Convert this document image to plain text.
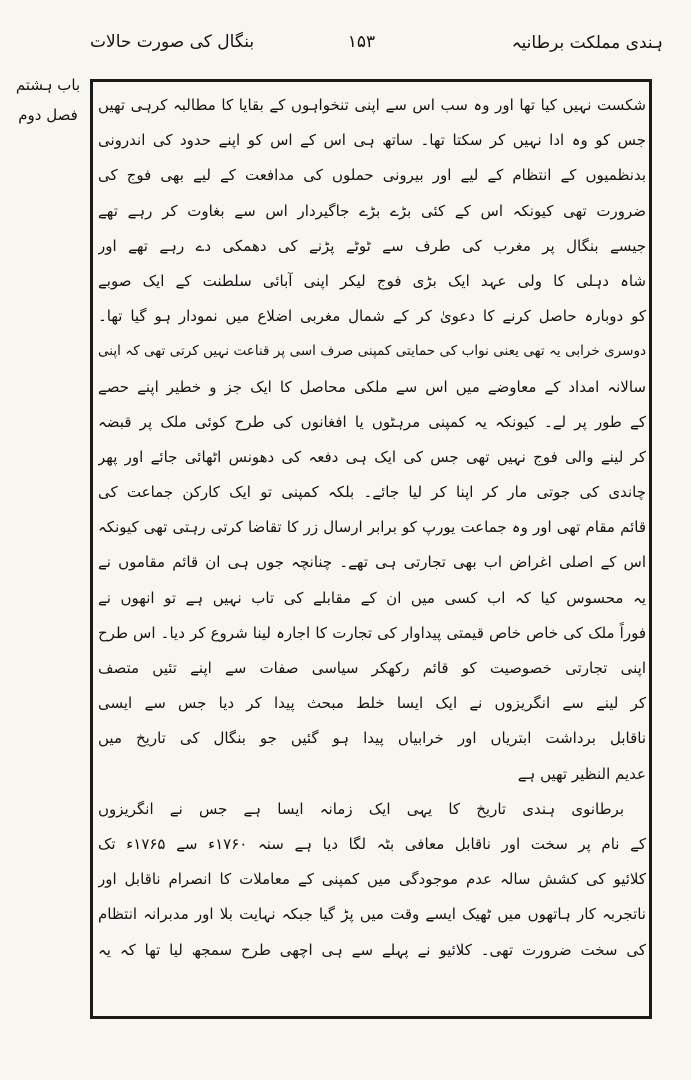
ہندی مملکت برطانیہ
۱۵۳
بنگال کی صورت حالات
باب ہشتم
فصل دوم
شکست نہیں کیا تھا اور وہ سب اس سے اپنی تنخواہوں کے بقایا کا مطالبہ کرہی تھیں
جس کو وہ ادا نہیں کر سکتا تھا۔ ساتھ ہی اس کے اس کو اپنے حدود کی اندرونی
بدنظمیوں کے انتظام کے لیے اور بیرونی حملوں کی مدافعت کے لیے بھی فوج کی
ضرورت تھی کیونکہ اس کے کئی بڑے بڑے جاگیردار اس سے بغاوت کر رہے تھے
جیسے بنگال پر مغرب کی طرف سے ٹوٹے پڑنے کی دھمکی دے رہے تھے اور
شاہ دہلی کا ولی عہد ایک بڑی فوج لیکر اپنی آبائی سلطنت کے ایک صوبے
کو دوبارہ حاصل کرنے کا دعویٰ کر کے شمال مغربی اضلاع میں نمودار ہو گیا تھا۔
دوسری خرابی یہ تھی یعنی نواب کی حمایتی کمپنی صرف اسی پر قناعت نہیں کرتی تھی کہ اپنی
سالانہ امداد کے معاوضے میں اس سے ملکی محاصل کا ایک جز و خطیر اپنے حصے
کے طور پر لے۔ کیونکہ یہ کمپنی مرہٹوں یا افغانوں کی طرح کوئی ملک پر قبضہ
کر لینے والی فوج نہیں تھی جس کی ایک ہی دفعہ کی دھونس اٹھائی جائے اور پھر
چاندی کی جوتی مار کر اپنا کر لیا جائے۔ بلکہ کمپنی تو ایک کارکن جماعت کی
قائم مقام تھی اور وہ جماعت یورپ کو برابر ارسال زر کا تقاضا کرتی رہتی تھی کیونکہ
اس کے اصلی اغراض اب بھی تجارتی ہی تھے۔ چنانچہ جوں ہی ان قائم مقاموں نے
یہ محسوس کیا کہ اب کسی میں ان کے مقابلے کی تاب نہیں ہے تو انھوں نے
فوراً ملک کی خاص خاص قیمتی پیداوار کی تجارت کا اجارہ لینا شروع کر دیا۔ اس طرح
اپنی تجارتی خصوصیت کو قائم رکھکر سیاسی صفات سے اپنے تئیں متصف
کر لینے سے انگریزوں نے ایک ایسا خلط مبحث پیدا کر دیا جس سے ایسی
ناقابل برداشت ابتریاں اور خرابیاں پیدا ہو گئیں جو بنگال کی تاریخ میں
عدیم النظیر تھیں ہے
برطانوی ہندی تاریخ کا یہی ایک زمانہ ایسا ہے جس نے انگریزوں
کے نام پر سخت اور ناقابل معافی بٹہ لگا دیا ہے سنہ ۱۷۶۰ء سے ۱۷۶۵ء تک
کلائیو کی کشش سالہ عدم موجودگی میں کمپنی کے معاملات کا انصرام ناقابل اور
ناتجربہ کار ہاتھوں میں ٹھیک ایسے وقت میں پڑ گیا جبکہ نہایت بلا اور مدبرانہ انتظام
کی سخت ضرورت تھی۔ کلائیو نے پہلے سے ہی اچھی طرح سمجھ لیا تھا کہ یہ
